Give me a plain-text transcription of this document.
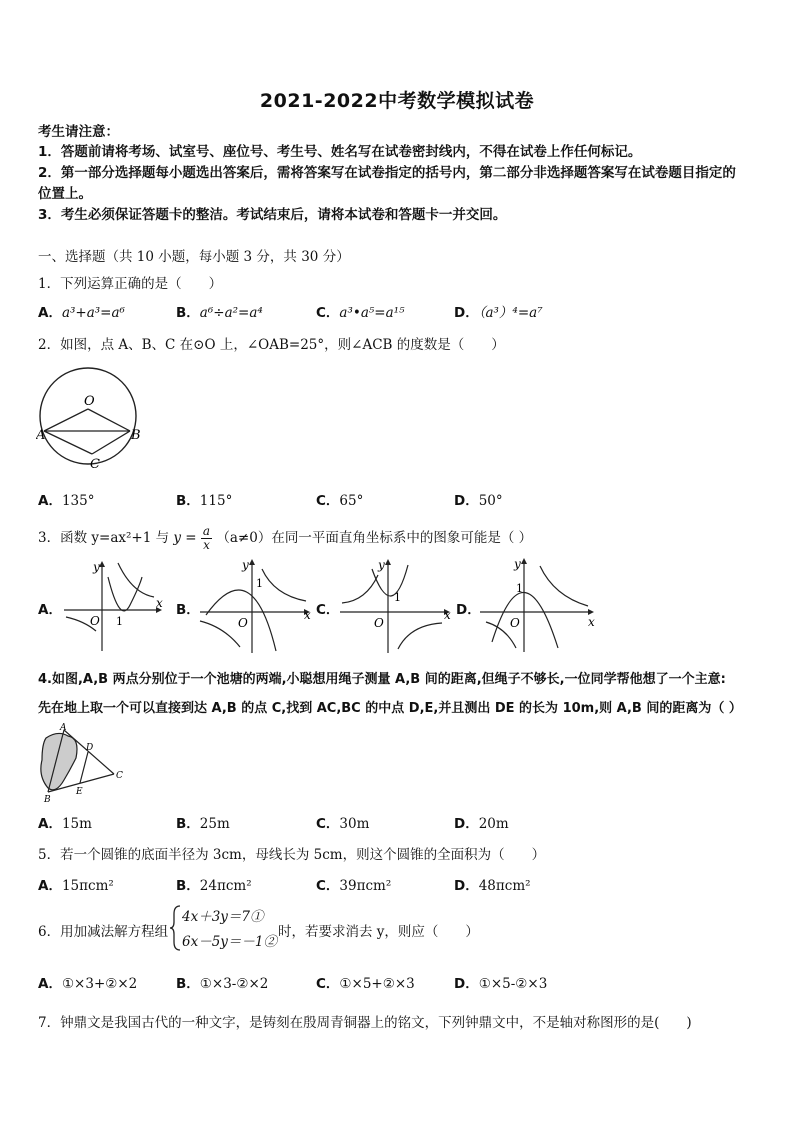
2021-2022中考数学模拟试卷
考生请注意：
1．答题前请将考场、试室号、座位号、考生号、姓名写在试卷密封线内，不得在试卷上作任何标记。
2．第一部分选择题每小题选出答案后，需将答案写在试卷指定的括号内，第二部分非选择题答案写在试卷题目指定的
位置上。
3．考生必须保证答题卡的整洁。考试结束后，请将本试卷和答题卡一并交回。
一、选择题（共 10 小题，每小题 3 分，共 30 分）
1．下列运算正确的是（　　）
A．a³+a³=a⁶	B．a⁶÷a²=a⁴	C．a³•a⁵=a¹⁵	D．（a³）⁴=a⁷
2．如图，点 A、B、C 在⊙O 上，∠OAB=25°，则∠ACB 的度数是（　　）
O
A	B
C
A．135°	B．115°	C．65°	D．50°
3．函数 y=ax²+1 与 $y = \frac{a}{x} (a\ne 0)$在同一平面直角坐标系中的图象可能是（ ）
A．	B．	C．	D．
y
x
O 1
y
x
O
1
y
x
O
1
y
x
O
1
4.如图,A,B 两点分别位于一个池塘的两端,小聪想用绳子测量 A,B 间的距离,但绳子不够长,一位同学帮他想了一个主意:
先在地上取一个可以直接到达 A,B 的点 C,找到 AC,BC 的中点 D,E,并且测出 DE 的长为 10m,则 A,B 间的距离为（ ）
A
D
C
B
E
A．15m	B．25m	C．30m	D．20m
5．若一个圆锥的底面半径为 3cm，母线长为 5cm，则这个圆锥的全面积为（　　）
A．15πcm²	B．24πcm²	C．39πcm²	D．48πcm²
6．用加减法解方程组
4x＋3y＝7①
6x－5y＝－1②
时，若要求消去 y，则应（　　）
A．①×3+②×2	B．①×3-②×2	C．①×5+②×3	D．①×5-②×3
7．钟鼎文是我国古代的一种文字，是铸刻在殷周青铜器上的铭文，下列钟鼎文中，不是轴对称图形的是(　　)
